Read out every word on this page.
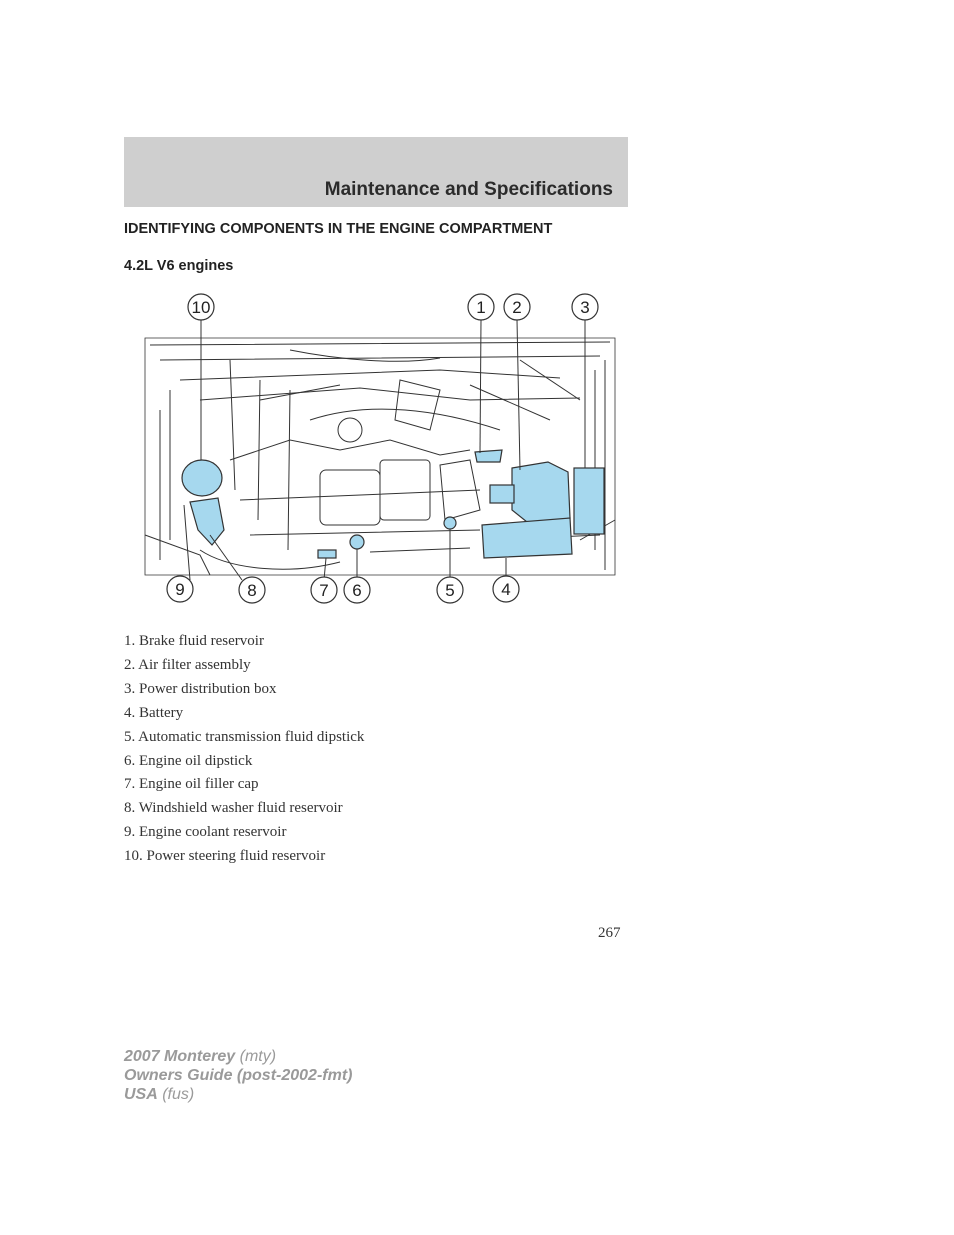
Maintenance and Specifications
IDENTIFYING COMPONENTS IN THE ENGINE COMPARTMENT
4.2L V6 engines
10	1 2	3
9	8	7 6	5	4
1. Brake fluid reservoir
2. Air filter assembly
3. Power distribution box
4. Battery
5. Automatic transmission fluid dipstick
6. Engine oil dipstick
7. Engine oil filler cap
8. Windshield washer fluid reservoir
9. Engine coolant reservoir
10. Power steering fluid reservoir
267
2007 Monterey (mty)
Owners Guide (post-2002-fmt)
USA (fus)
